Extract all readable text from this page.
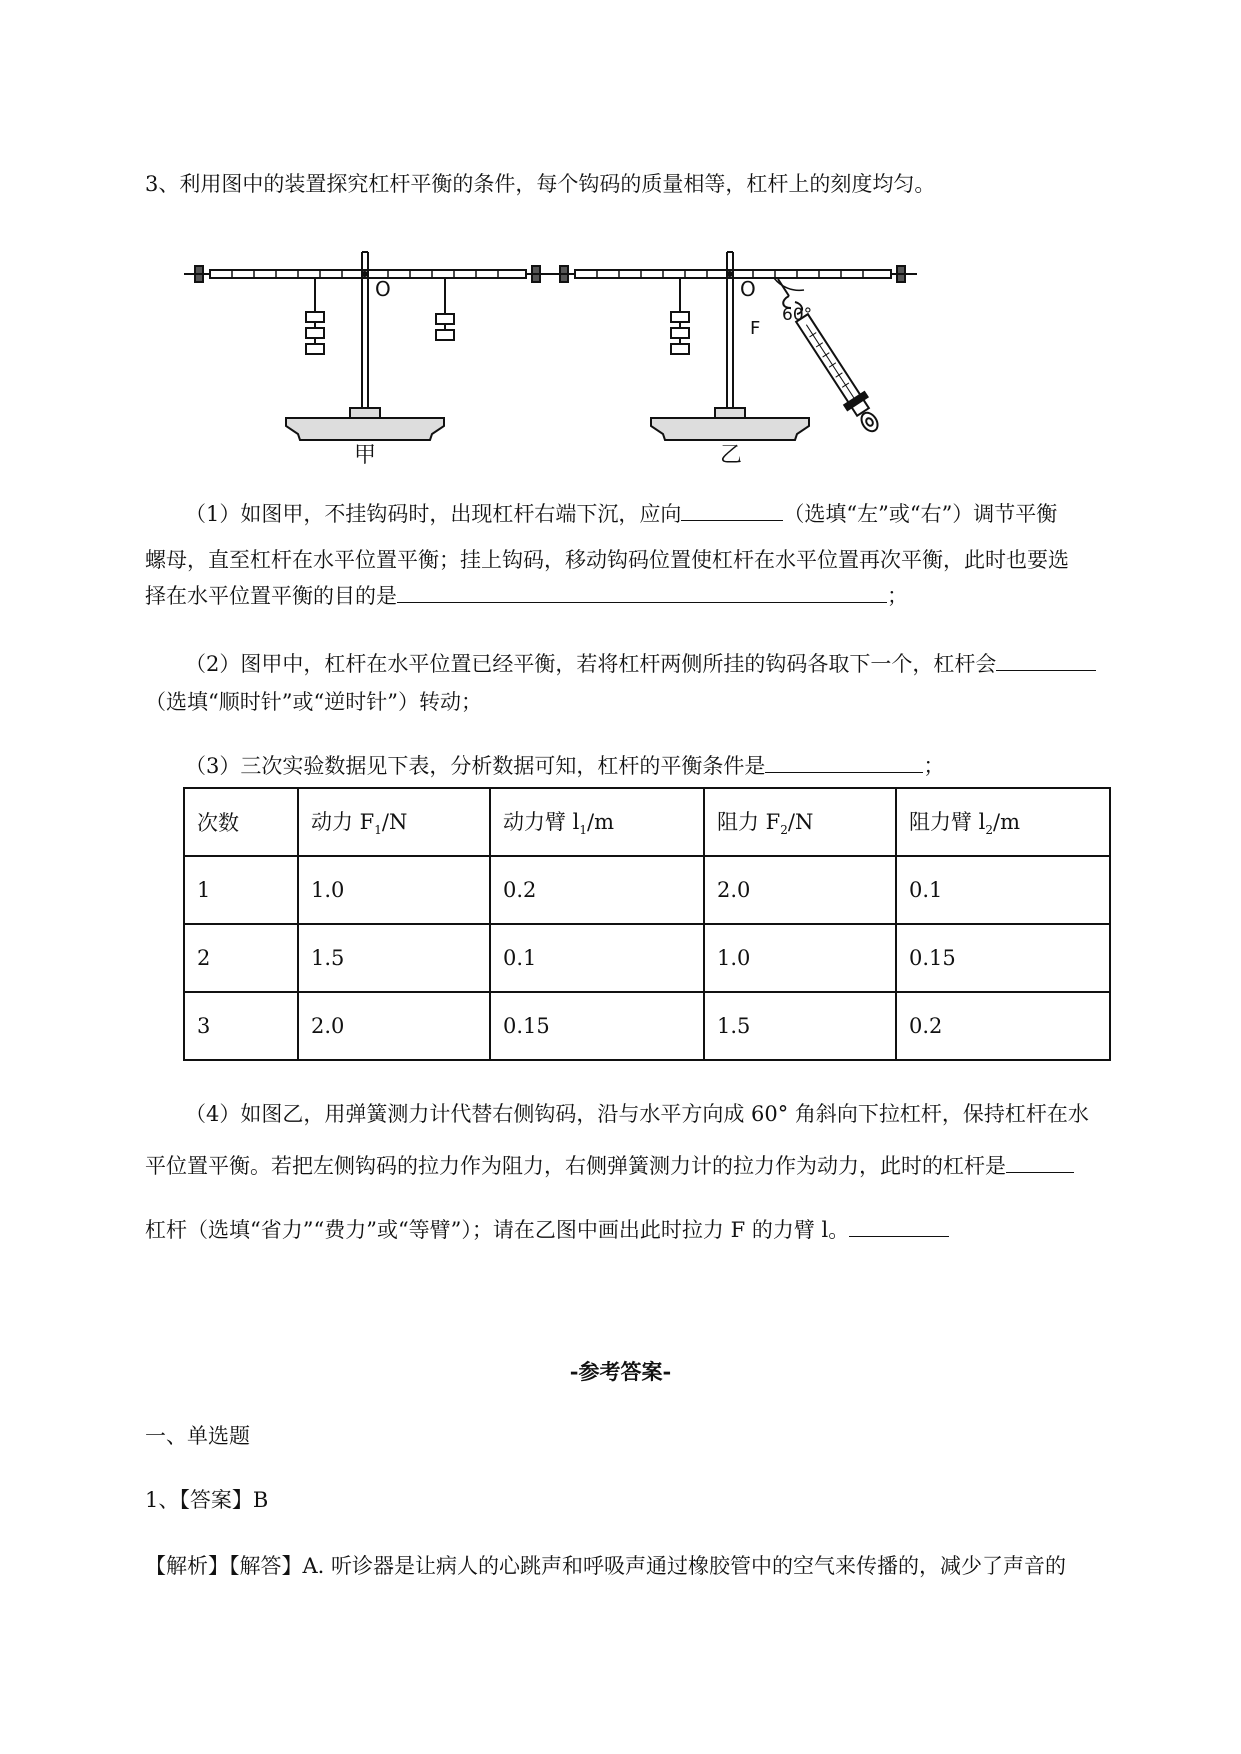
3、利用图中的装置探究杠杆平衡的条件，每个钩码的质量相等，杠杆上的刻度均匀。
O
甲
O
F
60°
乙
（1）如图甲，不挂钩码时，出现杠杆右端下沉，应向	（选填“左”或“右”）调节平衡
螺母，直至杠杆在水平位置平衡；挂上钩码，移动钩码位置使杠杆在水平位置再次平衡，此时也要选
择在水平位置平衡的目的是	；
（2）图甲中，杠杆在水平位置已经平衡，若将杠杆两侧所挂的钩码各取下一个，杠杆会
（选填“顺时针”或“逆时针”）转动；
（3）三次实验数据见下表，分析数据可知，杠杆的平衡条件是	；
次数	动力 $F_1/N$	动力臂 $l_1/m$	阻力 $F_2/N$	阻力臂 $l_2/m$
1	1.0	0.2	2.0	0.1
2	1.5	0.1	1.0	0.15
3	2.0	0.15	1.5	0.2
（4）如图乙，用弹簧测力计代替右侧钩码，沿与水平方向成 60° 角斜向下拉杠杆，保持杠杆在水
平位置平衡。若把左侧钩码的拉力作为阻力，右侧弹簧测力计的拉力作为动力，此时的杠杆是
杠杆（选填“省力”“费力”或“等臂”）；请在乙图中画出此时拉力 F 的力臂 l。
-参考答案-
一、单选题
1、【答案】B
【解析】【解答】A. 听诊器是让病人的心跳声和呼吸声通过橡胶管中的空气来传播的，减少了声音的
